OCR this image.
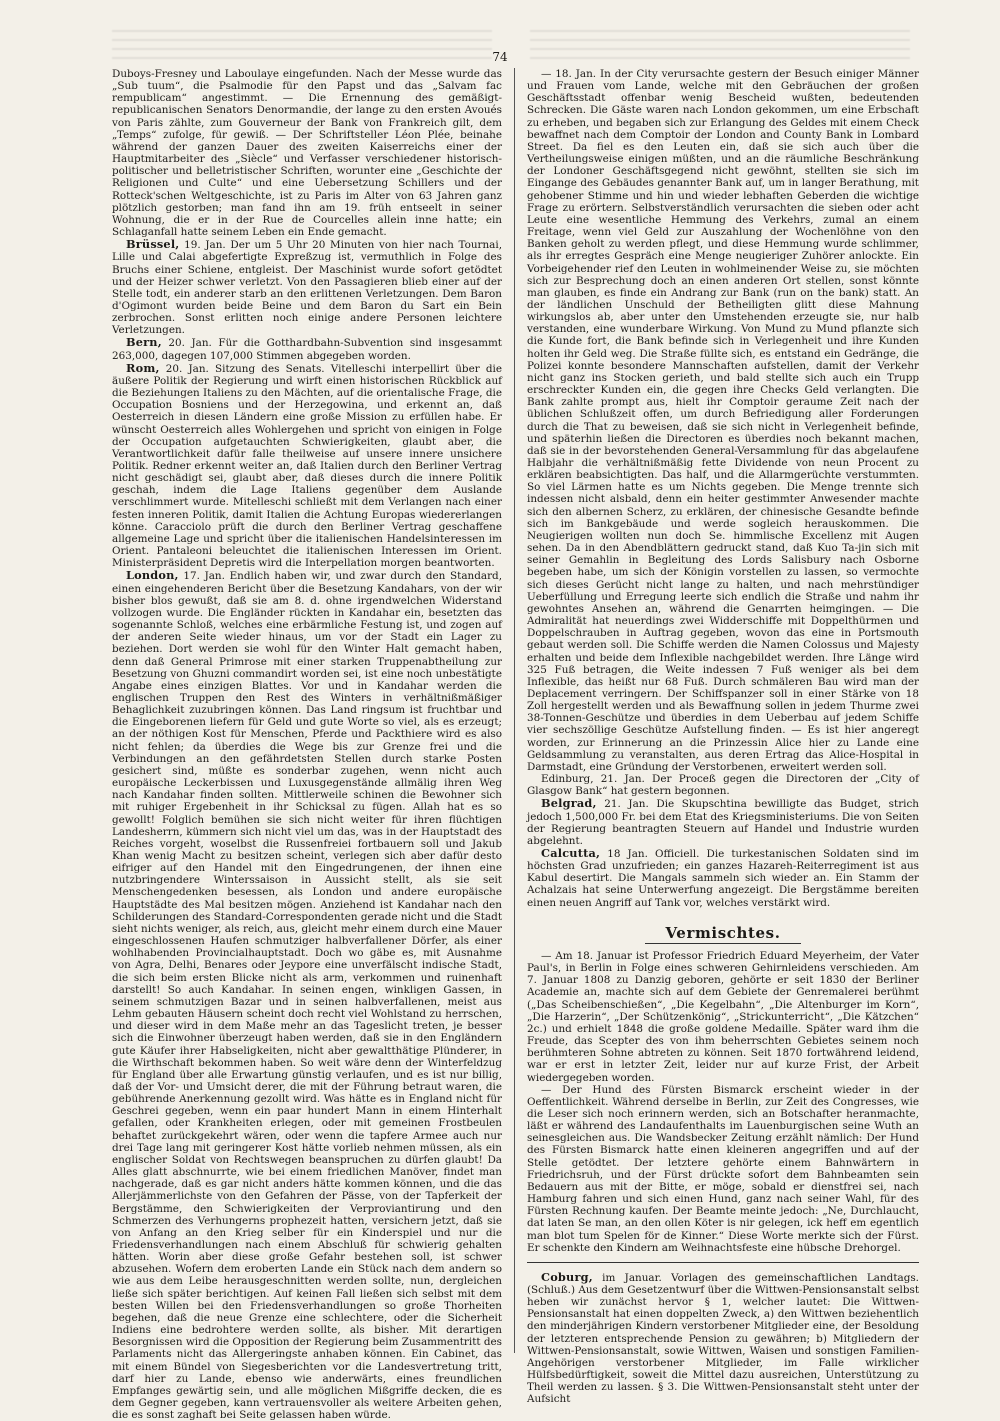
74

Duboys-Fresney und Laboulaye eingefunden. Nach der Messe wurde das „Sub tuum“, die Psalmodie für den Papst und das „Salvam fac rempublicam“ angestimmt. — Die Ernennung des gemäßigt-republicanischen Senators Denormandie, der lange zu den ersten Avoués von Paris zählte, zum Gouverneur der Bank von Frankreich gilt, dem „Temps“ zufolge, für gewiß. — Der Schriftsteller Léon Plée, beinahe während der ganzen Dauer des zweiten Kaiserreichs einer der Hauptmitarbeiter des „Siècle“ und Verfasser verschiedener historisch-politischer und belletristischer Schriften, worunter eine „Geschichte der Religionen und Culte“ und eine Uebersetzung Schillers und der Rotteck'schen Weltgeschichte, ist zu Paris im Alter von 63 Jahren ganz plötzlich gestorben; man fand ihn am 19. früh entseelt in seiner Wohnung, die er in der Rue de Courcelles allein inne hatte; ein Schlaganfall hatte seinem Leben ein Ende gemacht.

Brüssel, 19. Jan. Der um 5 Uhr 20 Minuten von hier nach Tournai, Lille und Calai abgefertigte Expreßzug ist, vermuthlich in Folge des Bruchs einer Schiene, entgleist. Der Maschinist wurde sofort getödtet und der Heizer schwer verletzt. Von den Passagieren blieb einer auf der Stelle todt, ein anderer starb an den erlittenen Verletzungen. Dem Baron d'Ogimont wurden beide Beine und dem Baron du Sart ein Bein zerbrochen. Sonst erlitten noch einige andere Personen leichtere Verletzungen.

Bern, 20. Jan. Für die Gotthardbahn-Subvention sind insgesammt 263,000, dagegen 107,000 Stimmen abgegeben worden.

Rom, 20. Jan. Sitzung des Senats. Vitelleschi interpellirt über die äußere Politik der Regierung und wirft einen historischen Rückblick auf die Beziehungen Italiens zu den Mächten, auf die orientalische Frage, die Occupation Bosniens und der Herzegowina, und erkennt an, daß Oesterreich in diesen Ländern eine große Mission zu erfüllen habe. Er wünscht Oesterreich alles Wohlergehen und spricht von einigen in Folge der Occupation aufgetauchten Schwierigkeiten, glaubt aber, die Verantwortlichkeit dafür falle theilweise auf unsere innere unsichere Politik. Redner erkennt weiter an, daß Italien durch den Berliner Vertrag nicht geschädigt sei, glaubt aber, daß dieses durch die innere Politik geschah, indem die Lage Italiens gegenüber dem Auslande verschlimmert wurde. Mitelleschi schließt mit dem Verlangen nach einer festen inneren Politik, damit Italien die Achtung Europas wiedererlangen könne. Caracciolo prüft die durch den Berliner Vertrag geschaffene allgemeine Lage und spricht über die italienischen Handelsinteressen im Orient. Pantaleoni beleuchtet die italienischen Interessen im Orient. Ministerpräsident Depretis wird die Interpellation morgen beantworten.

London, 17. Jan. Endlich haben wir, und zwar durch den Standard, einen eingehenderen Bericht über die Besetzung Kandahars, von der wir bisher blos gewußt, daß sie am 8. d. ohne irgendwelchen Widerstand vollzogen wurde. Die Engländer rückten in Kandahar ein, besetzten das sogenannte Schloß, welches eine erbärmliche Festung ist, und zogen auf der anderen Seite wieder hinaus, um vor der Stadt ein Lager zu beziehen. Dort werden sie wohl für den Winter Halt gemacht haben, denn daß General Primrose mit einer starken Truppenabtheilung zur Besetzung von Ghuzni commandirt worden sei, ist eine noch unbestätigte Angabe eines einzigen Blattes. Vor und in Kandahar werden die englischen Truppen den Rest des Winters in verhältnißmäßiger Behaglichkeit zuzubringen können. Das Land ringsum ist fruchtbar und die Eingeborenen liefern für Geld und gute Worte so viel, als es erzeugt; an der nöthigen Kost für Menschen, Pferde und Packthiere wird es also nicht fehlen; da überdies die Wege bis zur Grenze frei und die Verbindungen an den gefährdetsten Stellen durch starke Posten gesichert sind, müßte es sonderbar zugehen, wenn nicht auch europäische Leckerbissen und Luxusgegenstände allmälig ihren Weg nach Kandahar finden sollten. Mittlerweile schinen die Bewohner sich mit ruhiger Ergebenheit in ihr Schicksal zu fügen. Allah hat es so gewollt! Folglich bemühen sie sich nicht weiter für ihren flüchtigen Landesherrn, kümmern sich nicht viel um das, was in der Hauptstadt des Reiches vorgeht, woselbst die Russenfreiei fortbauern soll und Jakub Khan wenig Macht zu besitzen scheint, verlegen sich aber dafür desto eifriger auf den Handel mit den Eingedrungenen, der ihnen eine nutzbringendere Winterssaison in Aussicht stellt, als sie seit Menschengedenken besessen, als London und andere europäische Hauptstädte des Mal besitzen mögen. Anziehend ist Kandahar nach den Schilderungen des Standard-Correspondenten gerade nicht und die Stadt sieht nichts weniger, als reich, aus, gleicht mehr einem durch eine Mauer eingeschlossenen Haufen schmutziger halbverfallener Dörfer, als einer wohlhabenden Provincialhauptstadt. Doch wo gäbe es, mit Ausnahme von Agra, Delhi, Benares oder Jeypore eine unverfälscht indische Stadt, die sich beim ersten Blicke nicht als arm, verkommen und ruinenhaft darstellt! So auch Kandahar. In seinen engen, winkligen Gassen, in seinem schmutzigen Bazar und in seinen halbverfallenen, meist aus Lehm gebauten Häusern scheint doch recht viel Wohlstand zu herrschen, und dieser wird in dem Maße mehr an das Tageslicht treten, je besser sich die Einwohner überzeugt haben werden, daß sie in den Engländern gute Käufer ihrer Habseligkeiten, nicht aber gewaltthätige Plünderer, in die Wirthschaft bekommen haben. So weit wäre denn der Winterfeldzug für England über alle Erwartung günstig verlaufen, und es ist nur billig, daß der Vor- und Umsicht derer, die mit der Führung betraut waren, die gebührende Anerkennung gezollt wird. Was hätte es in England nicht für Geschrei gegeben, wenn ein paar hundert Mann in einem Hinterhalt gefallen, oder Krankheiten erlegen, oder mit gemeinen Frostbeulen behaftet zurückgekehrt wären, oder wenn die tapfere Armee auch nur drei Tage lang mit geringerer Kost hätte vorlieb nehmen müssen, als ein englischer Soldat von Rechtswegen beanspruchen zu dürfen glaubt! Da Alles glatt abschnurrte, wie bei einem friedlichen Manöver, findet man nachgerade, daß es gar nicht anders hätte kommen können, und die das Allerjämmerlichste von den Gefahren der Pässe, von der Tapferkeit der Bergstämme, den Schwierigkeiten der Verproviantirung und den Schmerzen des Verhungerns prophezeit hatten, versichern jetzt, daß sie von Anfang an den Krieg selber für ein Kinderspiel und nur die Friedensverhandlungen nach einem Abschluß für schwierig gehalten hätten. Worin aber diese große Gefahr bestehen soll, ist schwer abzusehen. Wofern dem eroberten Lande ein Stück nach dem andern so wie aus dem Leibe herausgeschnitten werden sollte, nun, dergleichen ließe sich später berichtigen. Auf keinen Fall ließen sich selbst mit dem besten Willen bei den Friedensverhandlungen so große Thorheiten begehen, daß die neue Grenze eine schlechtere, oder die Sicherheit Indiens eine bedrohtere werden sollte, als bisher. Mit derartigen Besorgnissen wird die Opposition der Regierung beim Zusammentritt des Parlaments nicht das Allergeringste anhaben können. Ein Cabinet, das mit einem Bündel von Siegesberichten vor die Landesvertretung tritt, darf hier zu Lande, ebenso wie anderwärts, eines freundlichen Empfanges gewärtig sein, und alle möglichen Mißgriffe decken, die es dem Gegner gegeben, kann vertrauensvoller als weitere Arbeiten gehen, die es sonst zaghaft bei Seite gelassen haben würde.

— 18. Jan. In der City verursachte gestern der Besuch einiger Männer und Frauen vom Lande, welche mit den Gebräuchen der großen Geschäftsstadt offenbar wenig Bescheid wußten, bedeutenden Schrecken. Die Gäste waren nach London gekommen, um eine Erbschaft zu erheben, und begaben sich zur Erlangung des Geldes mit einem Check bewaffnet nach dem Comptoir der London and County Bank in Lombard Street. Da fiel es den Leuten ein, daß sie sich auch über die Vertheilungsweise einigen müßten, und an die räumliche Beschränkung der Londoner Geschäftsgegend nicht gewöhnt, stellten sie sich im Eingange des Gebäudes genannter Bank auf, um in langer Berathung, mit gehobener Stimme und hin und wieder lebhaften Geberden die wichtige Frage zu erörtern. Selbstverständlich verursachten die sieben oder acht Leute eine wesentliche Hemmung des Verkehrs, zumal an einem Freitage, wenn viel Geld zur Auszahlung der Wochenlöhne von den Banken geholt zu werden pflegt, und diese Hemmung wurde schlimmer, als ihr erregtes Gespräch eine Menge neugieriger Zuhörer anlockte. Ein Vorbeigehender rief den Leuten in wohlmeinender Weise zu, sie möchten sich zur Besprechung doch an einen anderen Ort stellen, sonst könnte man glauben, es finde ein Andrang zur Bank (run on the bank) statt. An der ländlichen Unschuld der Betheiligten glitt diese Mahnung wirkungslos ab, aber unter den Umstehenden erzeugte sie, nur halb verstanden, eine wunderbare Wirkung. Von Mund zu Mund pflanzte sich die Kunde fort, die Bank befinde sich in Verlegenheit und ihre Kunden holten ihr Geld weg. Die Straße füllte sich, es entstand ein Gedränge, die Polizei konnte besondere Mannschaften aufstellen, damit der Verkehr nicht ganz ins Stocken gerieth, und bald stellte sich auch ein Trupp erschreckter Kunden ein, die gegen ihre Checks Geld verlangten. Die Bank zahlte prompt aus, hielt ihr Comptoir geraume Zeit nach der üblichen Schlußzeit offen, um durch Befriedigung aller Forderungen durch die That zu beweisen, daß sie sich nicht in Verlegenheit befinde, und späterhin ließen die Directoren es überdies noch bekannt machen, daß sie in der bevorstehenden General-Versammlung für das abgelaufene Halbjahr die verhältnißmäßig fette Dividende von neun Procent zu erklären beabsichtigten. Das half, und die Allarmgerüchte verstummten. So viel Lärmen hatte es um Nichts gegeben. Die Menge trennte sich indessen nicht alsbald, denn ein heiter gestimmter Anwesender machte sich den albernen Scherz, zu erklären, der chinesische Gesandte befinde sich im Bankgebäude und werde sogleich herauskommen. Die Neugierigen wollten nun doch Se. himmlische Excellenz mit Augen sehen. Da in den Abendblättern gedruckt stand, daß Kuo Ta-jin sich mit seiner Gemahlin in Begleitung des Lords Salisbury nach Osborne begeben habe, um sich der Königin vorstellen zu lassen, so vermochte sich dieses Gerücht nicht lange zu halten, und nach mehrstündiger Ueberfüllung und Erregung leerte sich endlich die Straße und nahm ihr gewohntes Ansehen an, während die Genarrten heimgingen. — Die Admiralität hat neuerdings zwei Widderschiffe mit Doppelthürmen und Doppelschrauben in Auftrag gegeben, wovon das eine in Portsmouth gebaut werden soll. Die Schiffe werden die Namen Colossus und Majesty erhalten und beide dem Inflexible nachgebildet werden. Ihre Länge wird 325 Fuß betragen, die Weite indessen 7 Fuß weniger als bei dem Inflexible, das heißt nur 68 Fuß. Durch schmäleren Bau wird man der Deplacement verringern. Der Schiffspanzer soll in einer Stärke von 18 Zoll hergestellt werden und als Bewaffnung sollen in jedem Thurme zwei 38-Tonnen-Geschütze und überdies in dem Ueberbau auf jedem Schiffe vier sechszöllige Geschütze Aufstellung finden. — Es ist hier angeregt worden, zur Erinnerung an die Prinzessin Alice hier zu Lande eine Geldsammlung zu veranstalten, aus deren Ertrag das Alice-Hospital in Darmstadt, eine Gründung der Verstorbenen, erweitert werden soll.

Edinburg, 21. Jan. Der Proceß gegen die Directoren der „City of Glasgow Bank“ hat gestern begonnen.

Belgrad, 21. Jan. Die Skupschtina bewilligte das Budget, strich jedoch 1,500,000 Fr. bei dem Etat des Kriegsministeriums. Die von Seiten der Regierung beantragten Steuern auf Handel und Industrie wurden abgelehnt.

Calcutta, 18 Jan. Officiell. Die turkestanischen Soldaten sind im höchsten Grad unzufrieden; ein ganzes Hazareh-Reiterregiment ist aus Kabul desertirt. Die Mangals sammeln sich wieder an. Ein Stamm der Achalzais hat seine Unterwerfung angezeigt. Die Bergstämme bereiten einen neuen Angriff auf Tank vor, welches verstärkt wird.

Vermischtes.

— Am 18. Januar ist Professor Friedrich Eduard Meyerheim, der Vater Paul's, in Berlin in Folge eines schweren Gehirnleidens verschieden. Am 7. Januar 1808 zu Danzig geboren, gehörte er seit 1830 der Berliner Academie an, machte sich auf dem Gebiete der Genremalerei berühmt („Das Scheibenschießen“, „Die Kegelbahn“, „Die Altenburger im Korn“, „Die Harzerin“, „Der Schützenkönig“, „Strickunterricht“, „Die Kätzchen“ 2c.) und erhielt 1848 die große goldene Medaille. Später ward ihm die Freude, das Scepter des von ihm beherrschten Gebietes seinem noch berühmteren Sohne abtreten zu können. Seit 1870 fortwährend leidend, war er erst in letzter Zeit, leider nur auf kurze Frist, der Arbeit wiedergegeben worden.

— Der Hund des Fürsten Bismarck erscheint wieder in der Oeffentlichkeit. Während derselbe in Berlin, zur Zeit des Congresses, wie die Leser sich noch erinnern werden, sich an Botschafter heranmachte, läßt er während des Landaufenthalts im Lauenburgischen seine Wuth an seinesgleichen aus. Die Wandsbecker Zeitung erzählt nämlich: Der Hund des Fürsten Bismarck hatte einen kleineren angegriffen und auf der Stelle getödtet. Der letztere gehörte einem Bahnwärtern in Friedrichsruh, und der Fürst drückte sofort dem Bahnbeamten sein Bedauern aus mit der Bitte, er möge, sobald er dienstfrei sei, nach Hamburg fahren und sich einen Hund, ganz nach seiner Wahl, für des Fürsten Rechnung kaufen. Der Beamte meinte jedoch: „Ne, Durchlaucht, dat laten Se man, an den ollen Köter is nir gelegen, ick heff em egentlich man blot tum Spelen för de Kinner.“ Diese Worte merkte sich der Fürst. Er schenkte den Kindern am Weihnachtsfeste eine hübsche Drehorgel.

Coburg, im Januar. Vorlagen des gemeinschaftlichen Landtags. (Schluß.) Aus dem Gesetzentwurf über die Wittwen-Pensionsanstalt selbst heben wir zunächst hervor § 1, welcher lautet: Die Wittwen-Pensionsanstalt hat einen doppelten Zweck, a) den Wittwen beziehentlich den minderjährigen Kindern verstorbener Mitglieder eine, der Besoldung der letzteren entsprechende Pension zu gewähren; b) Mitgliedern der Wittwen-Pensionsanstalt, sowie Wittwen, Waisen und sonstigen Familien-Angehörigen verstorbener Mitglieder, im Falle wirklicher Hülfsbedürftigkeit, soweit die Mittel dazu ausreichen, Unterstützung zu Theil werden zu lassen. § 3. Die Wittwen-Pensionsanstalt steht unter der Aufsicht
